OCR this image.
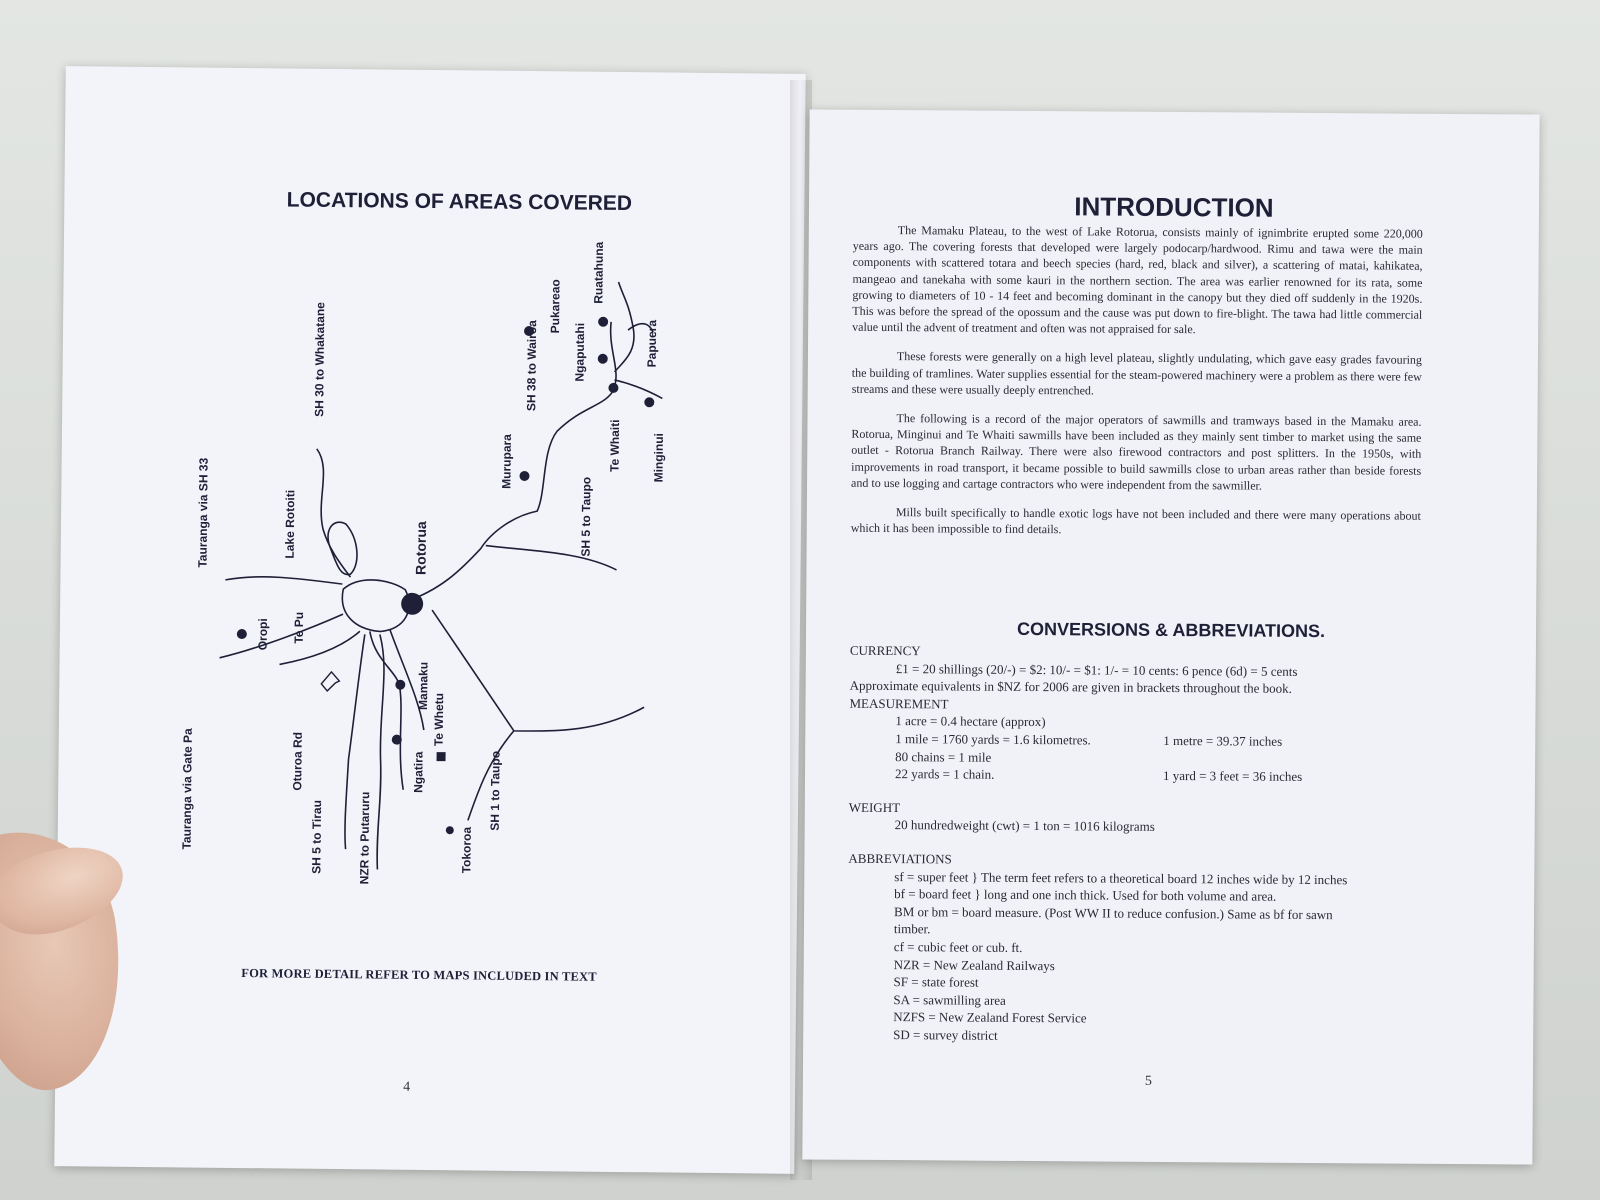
LOCATIONS OF AREAS COVERED
Tauranga via SH 33	Lake Rotoiti
SH 30 to Whakatane
Rotorua
Murupara
SH 38 to Wairoa
Pukareao
Ngaputahi
Ruatahuna
Papuera
Te Whaiti Minginui
SH 5 to Taupo
Oropi Te Pu
Mamaku
Te Whetu
Tauranga via Gate Pa	Oturoa Rd
SH 5 to Tirau	NZR to Putaruru
Ngatira
Tokoroa
SH 1 to Taupo
FOR MORE DETAIL REFER TO MAPS INCLUDED IN TEXT
4
INTRODUCTION

The Mamaku Plateau, to the west of Lake Rotorua, consists mainly of ignimbrite erupted some 220,000 years ago. The covering forests that developed were largely podocarp/hardwood. Rimu and tawa were the main components with scattered totara and beech species (hard, red, black and silver), a scattering of matai, kahikatea, mangeao and tanekaha with some kauri in the northern section. The area was earlier renowned for its rata, some growing to diameters of 10 - 14 feet and becoming dominant in the canopy but they died off suddenly in the 1920s. This was before the spread of the opossum and the cause was put down to fire-blight. The tawa had little commercial value until the advent of treatment and often was not appraised for sale.

These forests were generally on a high level plateau, slightly undulating, which gave easy grades favouring the building of tramlines. Water supplies essential for the steam-powered machinery were a problem as there were few streams and these were usually deeply entrenched.

The following is a record of the major operators of sawmills and tramways based in the Mamaku area. Rotorua, Minginui and Te Whaiti sawmills have been included as they mainly sent timber to market using the same outlet - Rotorua Branch Railway. There were also firewood contractors and post splitters. In the 1950s, with improvements in road transport, it became possible to build sawmills close to urban areas rather than beside forests and to use logging and cartage contractors who were independent from the sawmiller.

Mills built specifically to handle exotic logs have not been included and there were many operations about which it has been impossible to find details.

CONVERSIONS & ABBREVIATIONS.
CURRENCY
£1 = 20 shillings (20/-) = $2: 10/- = $1: 1/- = 10 cents: 6 pence (6d) = 5 cents
Approximate equivalents in $NZ for 2006 are given in brackets throughout the book.
MEASUREMENT
1 acre = 0.4 hectare (approx)
1 mile = 1760 yards = 1.6 kilometres.	1 metre = 39.37 inches
80 chains = 1 mile
22 yards = 1 chain.	1 yard = 3 feet = 36 inches
WEIGHT
20 hundredweight (cwt) = 1 ton = 1016 kilograms
ABBREVIATIONS
sf = super feet } The term feet refers to a theoretical board 12 inches wide by 12 inches
bf = board feet } long and one inch thick. Used for both volume and area.
BM or bm = board measure. (Post WW II to reduce confusion.) Same as bf for sawn
timber.
cf = cubic feet or cub. ft.
NZR = New Zealand Railways
SF = state forest
SA = sawmilling area
NZFS = New Zealand Forest Service
SD = survey district
5
